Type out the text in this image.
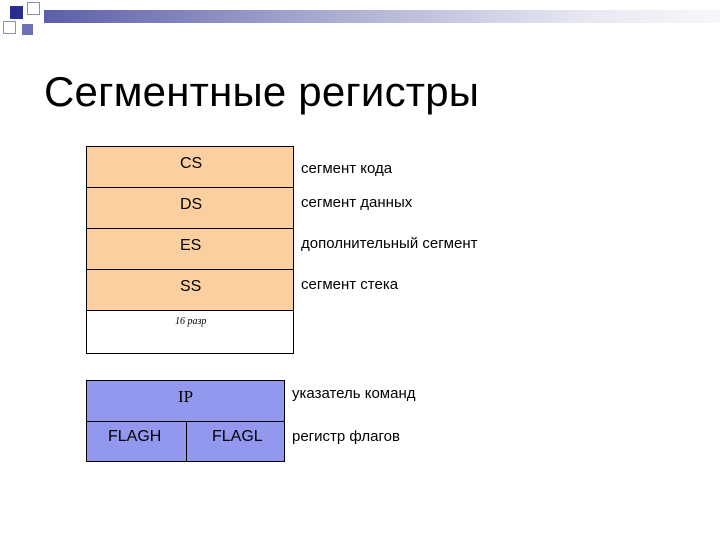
Сегментные регистры
CS
DS
ES
SS
16 разр
сегмент кода
сегмент данных
дополнительный сегмент
сегмент стека
IP
FLAGH	FLAGL
указатель команд
регистр флагов
